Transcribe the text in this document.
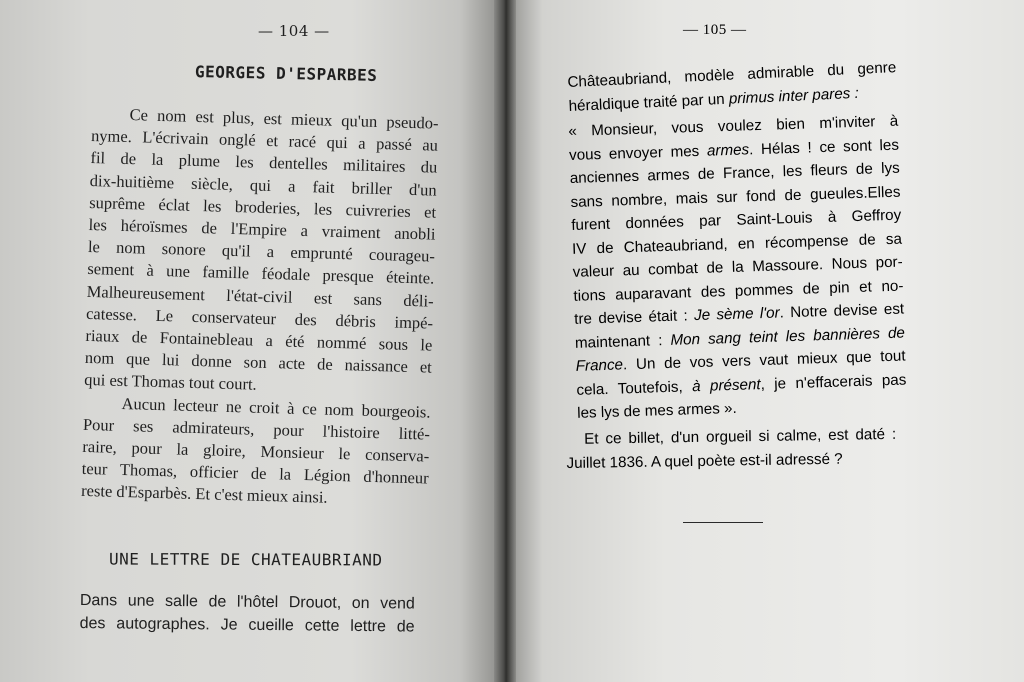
— 104 —
GEORGES D'ESPARBES
Ce nom est plus, est mieux qu'un pseudo-
nyme. L'écrivain onglé et racé qui a passé au
fil de la plume les dentelles militaires du
dix-huitième siècle, qui a fait briller d'un
suprême éclat les broderies, les cuivreries et
les héroïsmes de l'Empire a vraiment anobli
le nom sonore qu'il a emprunté courageu-
sement à une famille féodale presque éteinte.
Malheureusement l'état-civil est sans déli-
catesse. Le conservateur des débris impé-
riaux de Fontainebleau a été nommé sous le
nom que lui donne son acte de naissance et
qui est Thomas tout court.
Aucun lecteur ne croit à ce nom bourgeois.
Pour ses admirateurs, pour l'histoire litté-
raire, pour la gloire, Monsieur le conserva-
teur Thomas, officier de la Légion d'honneur
reste d'Esparbès. Et c'est mieux ainsi.
UNE LETTRE DE CHATEAUBRIAND
Dans une salle de l'hôtel Drouot, on vend
des autographes. Je cueille cette lettre de
— 105 —
Châteaubriand, modèle admirable du genre
héraldique traité par un primus inter pares :
« Monsieur, vous voulez bien m'inviter à
vous envoyer mes armes. Hélas ! ce sont les
anciennes armes de France, les fleurs de lys
sans nombre, mais sur fond de gueules.Elles
furent données par Saint-Louis à Geffroy
IV de Chateaubriand, en récompense de sa
valeur au combat de la Massoure. Nous por-
tions auparavant des pommes de pin et no-
tre devise était : Je sème l'or. Notre devise est
maintenant : Mon sang teint les bannières de
France. Un de vos vers vaut mieux que tout
cela. Toutefois, à présent, je n'effacerais pas
les lys de mes armes ».
Et ce billet, d'un orgueil si calme, est daté :
Juillet 1836. A quel poète est-il adressé ?
